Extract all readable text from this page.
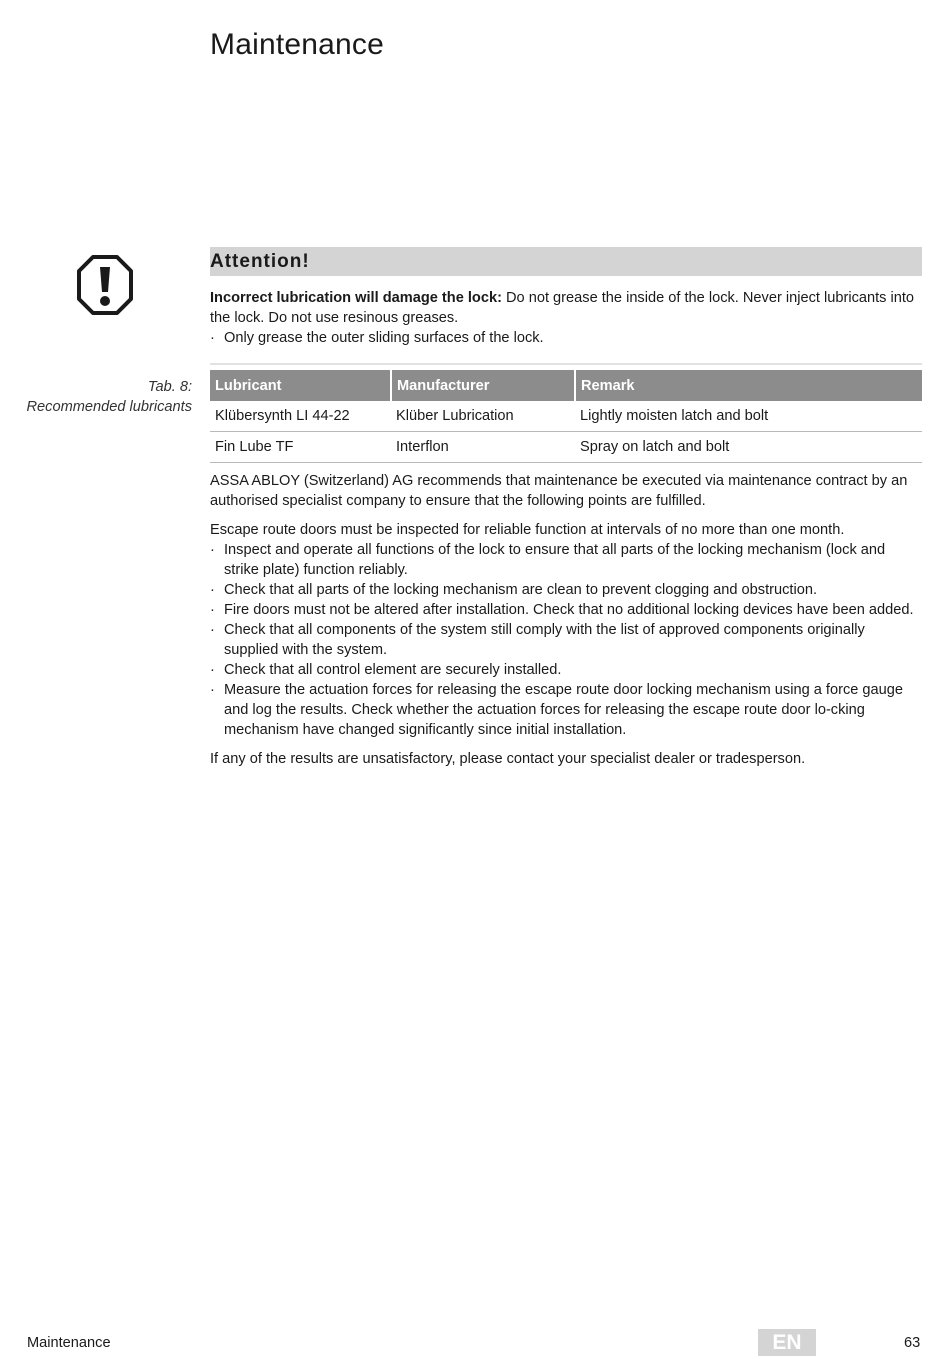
Maintenance
Attention!

Incorrect lubrication will damage the lock: Do not grease the inside of the lock. Never inject lubricants into the lock. Do not use resinous greases.

· Only grease the outer sliding surfaces of the lock.
Tab. 8:
Recommended lubricants
Lubricant	Manufacturer	Remark
Klübersynth LI 44-22	Klüber Lubrication	Lightly moisten latch and bolt
Fin Lube TF	Interflon	Spray on latch and bolt

ASSA ABLOY (Switzerland) AG recommends that maintenance be executed via maintenance contract by an authorised specialist company to ensure that the following points are fulfilled.

Escape route doors must be inspected for reliable function at intervals of no more than one month.
· Inspect and operate all functions of the lock to ensure that all parts of the locking mechanism (lock and strike plate) function reliably.
· Check that all parts of the locking mechanism are clean to prevent clogging and obstruction.
· Fire doors must not be altered after installation. Check that no additional locking devices have been added.
· Check that all components of the system still comply with the list of approved components originally supplied with the system.
· Check that all control element are securely installed.
· Measure the actuation forces for releasing the escape route door locking mechanism using a force gauge and log the results. Check whether the actuation forces for releasing the escape route door lo-cking mechanism have changed significantly since initial installation.

If any of the results are unsatisfactory, please contact your specialist dealer or tradesperson.

Maintenance	EN	63
